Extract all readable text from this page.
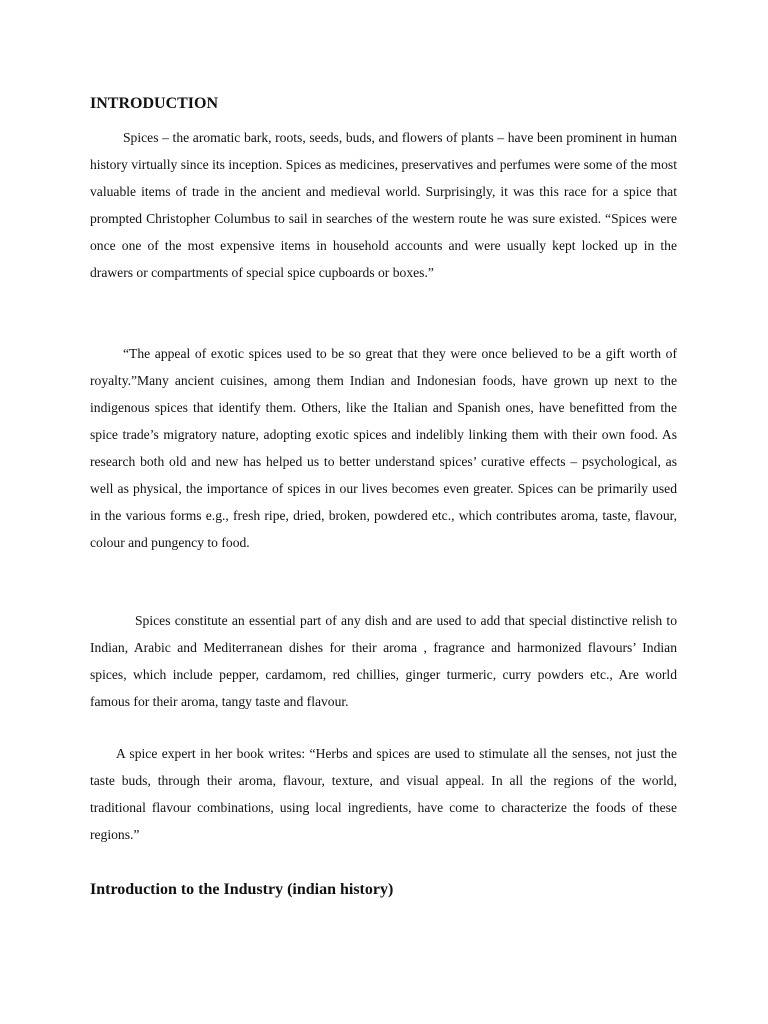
INTRODUCTION

Spices – the aromatic bark, roots, seeds, buds, and flowers of plants – have been prominent in human history virtually since its inception. Spices as medicines, preservatives and perfumes were some of the most valuable items of trade in the ancient and medieval world. Surprisingly, it was this race for a spice that prompted Christopher Columbus to sail in searches of the western route he was sure existed. “Spices were once one of the most expensive items in household accounts and were usually kept locked up in the drawers or compartments of special spice cupboards or boxes.”

“The appeal of exotic spices used to be so great that they were once believed to be a gift worth of royalty.”Many ancient cuisines, among them Indian and Indonesian foods, have grown up next to the indigenous spices that identify them. Others, like the Italian and Spanish ones, have benefitted from the spice trade’s migratory nature, adopting exotic spices and indelibly linking them with their own food. As research both old and new has helped us to better understand spices’ curative effects – psychological, as well as physical, the importance of spices in our lives becomes even greater. Spices can be primarily used in the various forms e.g., fresh ripe, dried, broken, powdered etc., which contributes aroma, taste, flavour, colour and pungency to food.

Spices constitute an essential part of any dish and are used to add that special distinctive relish to Indian, Arabic and Mediterranean dishes for their aroma , fragrance and harmonized flavours’ Indian spices, which include pepper, cardamom, red chillies, ginger turmeric, curry powders etc., Are world famous for their aroma, tangy taste and flavour.

A spice expert in her book writes: “Herbs and spices are used to stimulate all the senses, not just the taste buds, through their aroma, flavour, texture, and visual appeal. In all the regions of the world, traditional flavour combinations, using local ingredients, have come to characterize the foods of these regions.”

Introduction to the Industry (indian history)
